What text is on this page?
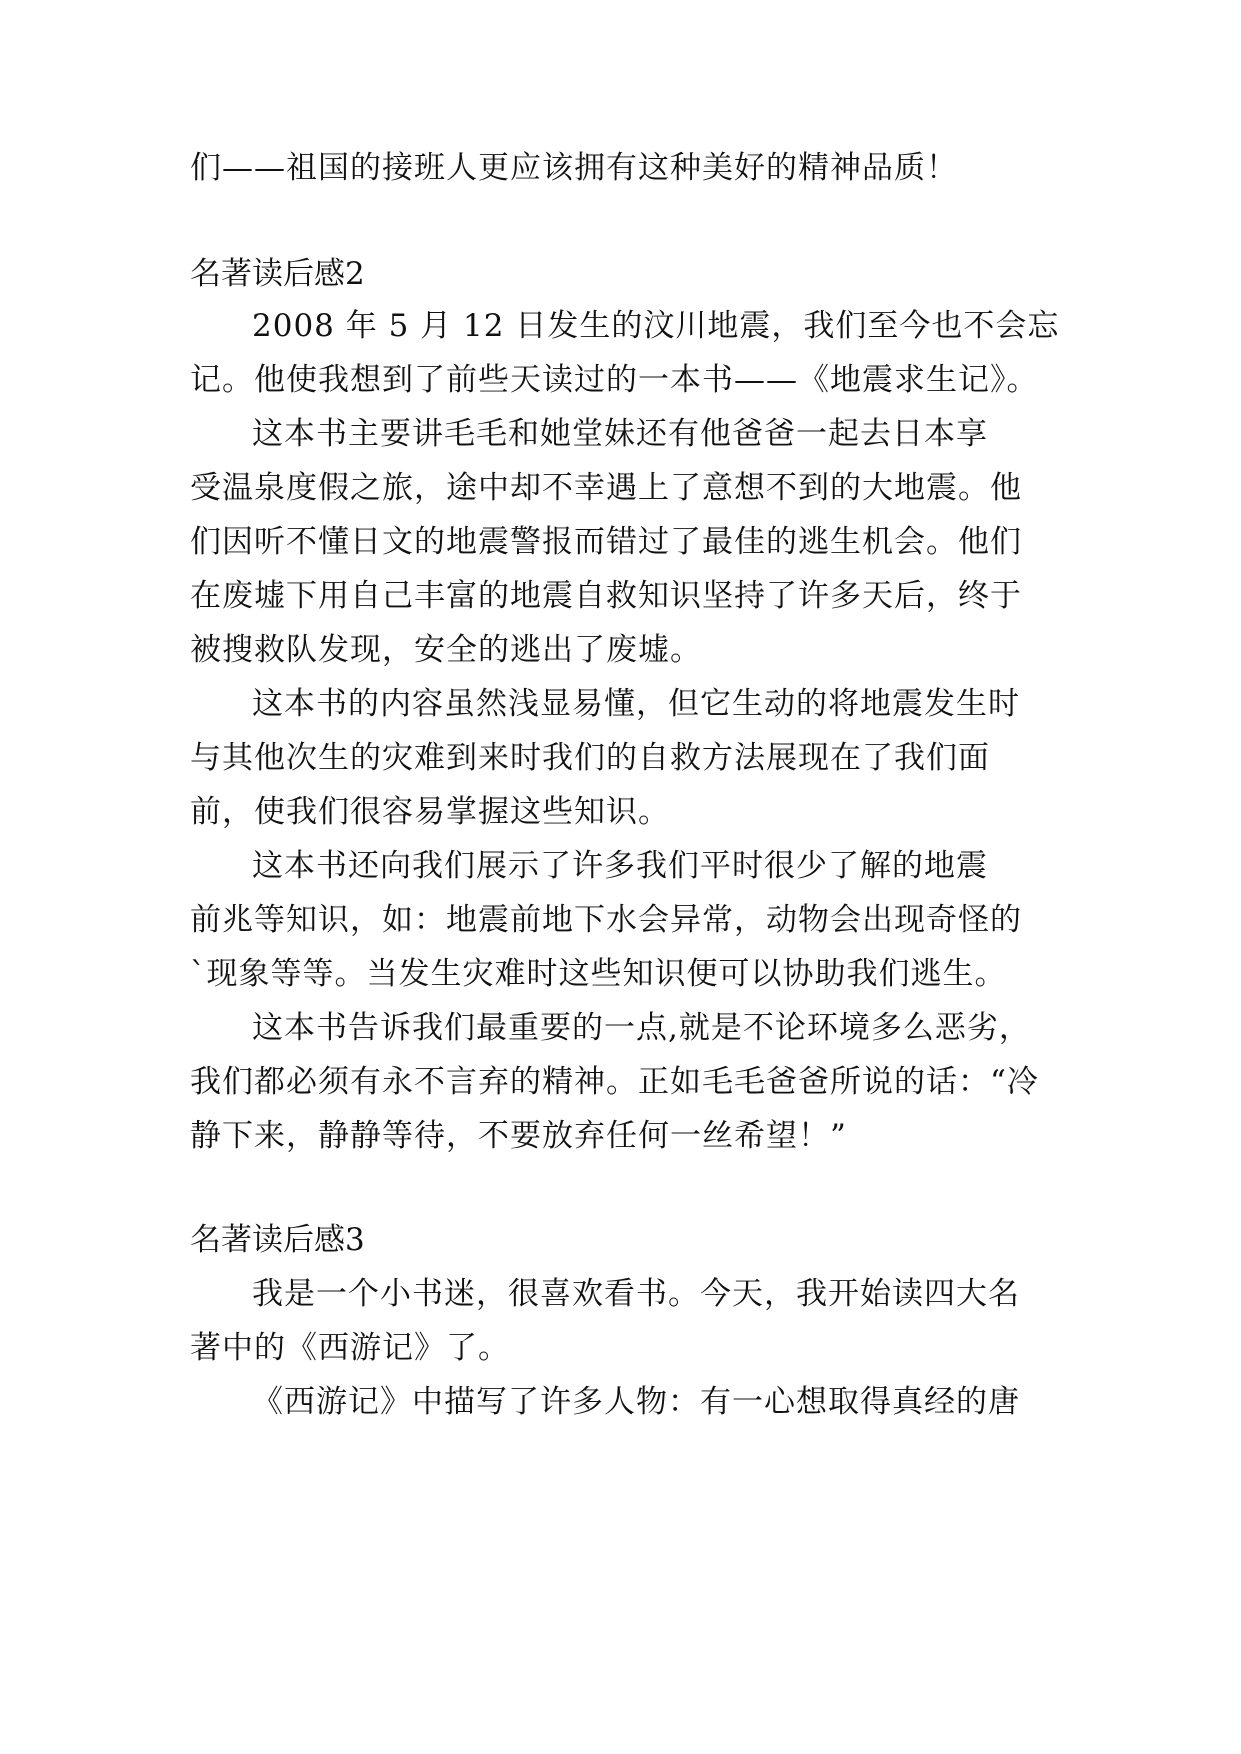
们——祖国的接班人更应该拥有这种美好的精神品质！
名著读后感2
2008 年 5 月 12 日发生的汶川地震，我们至今也不会忘
记。他使我想到了前些天读过的一本书——《地震求生记》。
这本书主要讲毛毛和她堂妹还有他爸爸一起去日本享
受温泉度假之旅，途中却不幸遇上了意想不到的大地震。他
们因听不懂日文的地震警报而错过了最佳的逃生机会。他们
在废墟下用自己丰富的地震自救知识坚持了许多天后，终于
被搜救队发现，安全的逃出了废墟。
这本书的内容虽然浅显易懂，但它生动的将地震发生时
与其他次生的灾难到来时我们的自救方法展现在了我们面
前，使我们很容易掌握这些知识。
这本书还向我们展示了许多我们平时很少了解的地震
前兆等知识，如：地震前地下水会异常，动物会出现奇怪的
`现象等等。当发生灾难时这些知识便可以协助我们逃生。
这本书告诉我们最重要的一点,就是不论环境多么恶劣，
我们都必须有永不言弃的精神。正如毛毛爸爸所说的话：“冷
静下来，静静等待，不要放弃任何一丝希望！”
名著读后感3
我是一个小书迷，很喜欢看书。今天，我开始读四大名
著中的《西游记》了。
《西游记》中描写了许多人物：有一心想取得真经的唐
